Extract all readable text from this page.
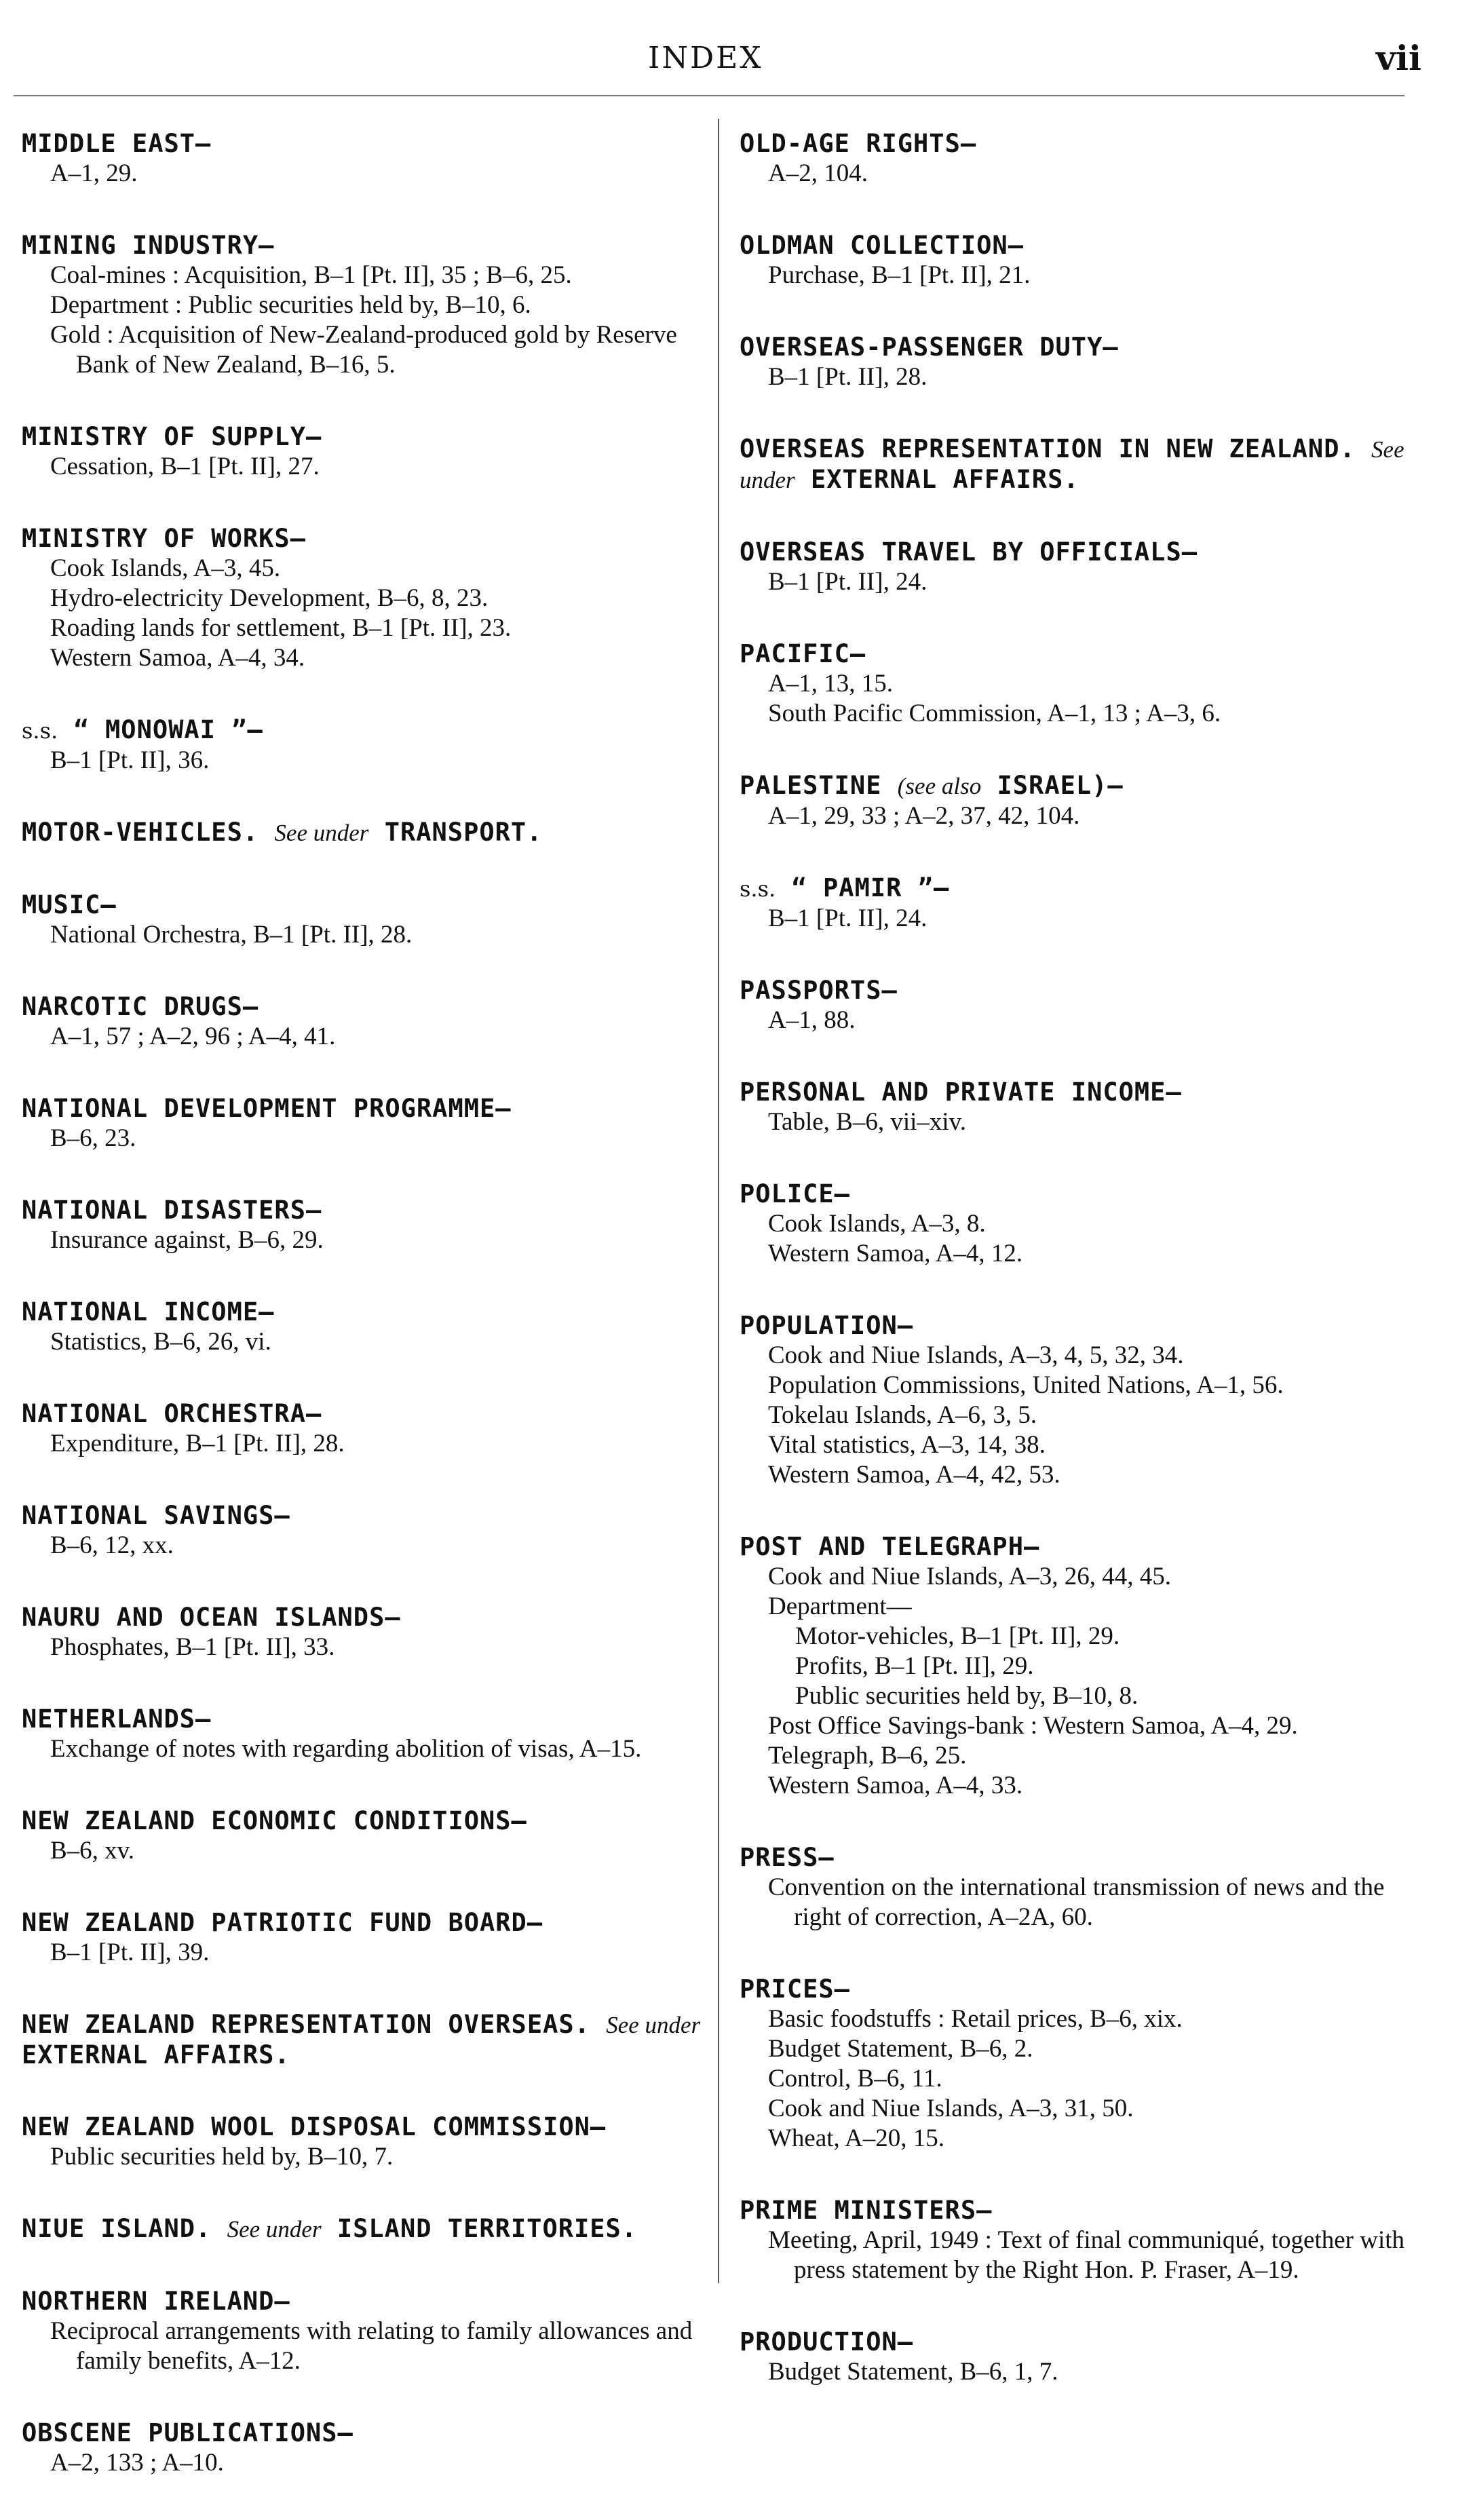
INDEX	vii
MIDDLE EAST—
A–1, 29.
MINING INDUSTRY—
Coal-mines : Acquisition, B–1 [Pt. II], 35 ; B–6, 25.
Department : Public securities held by, B–10, 6.
Gold : Acquisition of New-Zealand-produced gold by Reserve Bank of New Zealand, B–16, 5.
MINISTRY OF SUPPLY—
Cessation, B–1 [Pt. II], 27.
MINISTRY OF WORKS—
Cook Islands, A–3, 45.
Hydro-electricity Development, B–6, 8, 23.
Roading lands for settlement, B–1 [Pt. II], 23.
Western Samoa, A–4, 34.
s.s. “ MONOWAI ”—
B–1 [Pt. II], 36.
MOTOR-VEHICLES. See under TRANSPORT.
MUSIC—
National Orchestra, B–1 [Pt. II], 28.
NARCOTIC DRUGS—
A–1, 57 ; A–2, 96 ; A–4, 41.
NATIONAL DEVELOPMENT PROGRAMME—
B–6, 23.
NATIONAL DISASTERS—
Insurance against, B–6, 29.
NATIONAL INCOME—
Statistics, B–6, 26, vi.
NATIONAL ORCHESTRA—
Expenditure, B–1 [Pt. II], 28.
NATIONAL SAVINGS—
B–6, 12, xx.
NAURU AND OCEAN ISLANDS—
Phosphates, B–1 [Pt. II], 33.
NETHERLANDS—
Exchange of notes with regarding abolition of visas, A–15.
NEW ZEALAND ECONOMIC CONDITIONS—
B–6, xv.
NEW ZEALAND PATRIOTIC FUND BOARD—
B–1 [Pt. II], 39.
NEW ZEALAND REPRESENTATION OVERSEAS. See under EXTERNAL AFFAIRS.
NEW ZEALAND WOOL DISPOSAL COMMISSION—
Public securities held by, B–10, 7.
NIUE ISLAND. See under ISLAND TERRITORIES.
NORTHERN IRELAND—
Reciprocal arrangements with relating to family allowances and family benefits, A–12.
OBSCENE PUBLICATIONS—
A–2, 133 ; A–10.
OLD-AGE RIGHTS—
A–2, 104.
OLDMAN COLLECTION—
Purchase, B–1 [Pt. II], 21.
OVERSEAS-PASSENGER DUTY—
B–1 [Pt. II], 28.
OVERSEAS REPRESENTATION IN NEW ZEALAND. See under EXTERNAL AFFAIRS.
OVERSEAS TRAVEL BY OFFICIALS—
B–1 [Pt. II], 24.
PACIFIC—
A–1, 13, 15.
South Pacific Commission, A–1, 13 ; A–3, 6.
PALESTINE (see also ISRAEL)—
A–1, 29, 33 ; A–2, 37, 42, 104.
s.s. “ PAMIR ”—
B–1 [Pt. II], 24.
PASSPORTS—
A–1, 88.
PERSONAL AND PRIVATE INCOME—
Table, B–6, vii–xiv.
POLICE—
Cook Islands, A–3, 8.
Western Samoa, A–4, 12.
POPULATION—
Cook and Niue Islands, A–3, 4, 5, 32, 34.
Population Commissions, United Nations, A–1, 56.
Tokelau Islands, A–6, 3, 5.
Vital statistics, A–3, 14, 38.
Western Samoa, A–4, 42, 53.
POST AND TELEGRAPH—
Cook and Niue Islands, A–3, 26, 44, 45.
Department—
Motor-vehicles, B–1 [Pt. II], 29.
Profits, B–1 [Pt. II], 29.
Public securities held by, B–10, 8.
Post Office Savings-bank : Western Samoa, A–4, 29.
Telegraph, B–6, 25.
Western Samoa, A–4, 33.
PRESS—
Convention on the international transmission of news and the right of correction, A–2A, 60.
PRICES—
Basic foodstuffs : Retail prices, B–6, xix.
Budget Statement, B–6, 2.
Control, B–6, 11.
Cook and Niue Islands, A–3, 31, 50.
Wheat, A–20, 15.
PRIME MINISTERS—
Meeting, April, 1949 : Text of final communiqué, together with press statement by the Right Hon. P. Fraser, A–19.
PRODUCTION—
Budget Statement, B–6, 1, 7.
